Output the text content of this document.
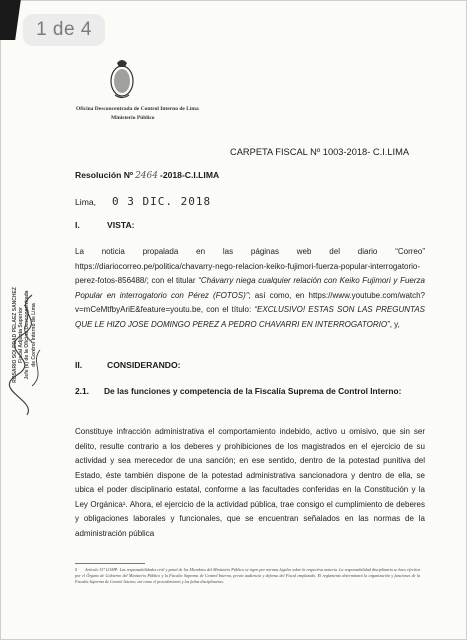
1 de 4
Oficina Desconcentrada de Control Interno de Lima
Ministerio Público
CARPETA FISCAL Nº 1003-2018- C.I.LIMA
Resolución Nº 2464 -2018-C.I.LIMA
Lima, 0 3 DIC. 2018
I.	VISTA:
La noticia propalada en las páginas web del diario “Correo” https://diariocorreo.pe/politica/chavarry-nego-relacion-keiko-fujimori-fuerza-popular-interrogatorio-perez-fotos-856488/; con el titular “Chávarry niega cualquier relación con Keiko Fujimori y Fuerza Popular en interrogatorio con Pérez (FOTOS)”; así como, en https://www.youtube.com/watch?v=mCeMtfbyAriE&feature=youtu.be, con el título: “EXCLUSIVO! ESTAS SON LAS PREGUNTAS QUE LE HIZO JOSE DOMINGO PEREZ A PEDRO CHAVARRI EN INTERROGATORIO”, y,
II.	CONSIDERANDO:
2.1.	De las funciones y competencia de la Fiscalía Suprema de Control Interno:
Constituye infracción administrativa el comportamiento indebido, activo u omisivo, que sin ser delito, resulte contrario a los deberes y prohibiciones de los magistrados en el ejercicio de su actividad y sea merecedor de una sanción; en ese sentido, dentro de la potestad punitiva del Estado, éste también dispone de la potestad administrativa sancionadora y dentro de ella, se ubica el poder disciplinario estatal, conforme a las facultades conferidas en la Constitución y la Ley Orgánica¹. Ahora, el ejercicio de la actividad pública, trae consigo el cumplimiento de deberes y obligaciones laborales y funcionales, que se encuentran señalados en las normas de la administración pública
1 Artículo 51º LOMP: Las responsabilidades civil y penal de los Miembros del Ministerio Público se rigen por normas legales sobre la respectiva materia. La responsabilidad disciplinaria se hace efectiva por el Órgano de Gobierno del Ministerio Público y la Fiscalía Suprema de Control Interno, previa audiencia y defensa del Fiscal emplazado. El reglamento determinará la organización y funciones de la Fiscalía Suprema de Control Interno, así como el procedimiento y las faltas disciplinarias.
ROSARIO SOLEDAD PELAEZ SANCHEZ Fiscal Adjunta Superior Jefe (e) de la Oficina Desconcentrada de Control Interno de Lima
